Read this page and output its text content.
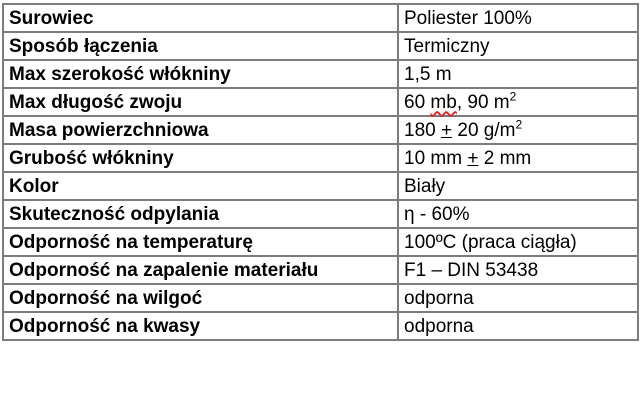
Surowiec	Poliester 100%
Sposób łączenia	Termiczny
Max szerokość włókniny	1,5 m
Max długość zwoju	60 mb, 90 $m^2$
Masa powierzchniowa	180 + 20 $g/m^2$
Grubość włókniny	10 mm + 2 mm
Kolor	Biały
Skuteczność odpylania	η - 60%
Odporność na temperaturę	100ºC (praca ciągła)
Odporność na zapalenie materiału	F1 – DIN 53438
Odporność na wilgoć	odporna
Odporność na kwasy	odporna
